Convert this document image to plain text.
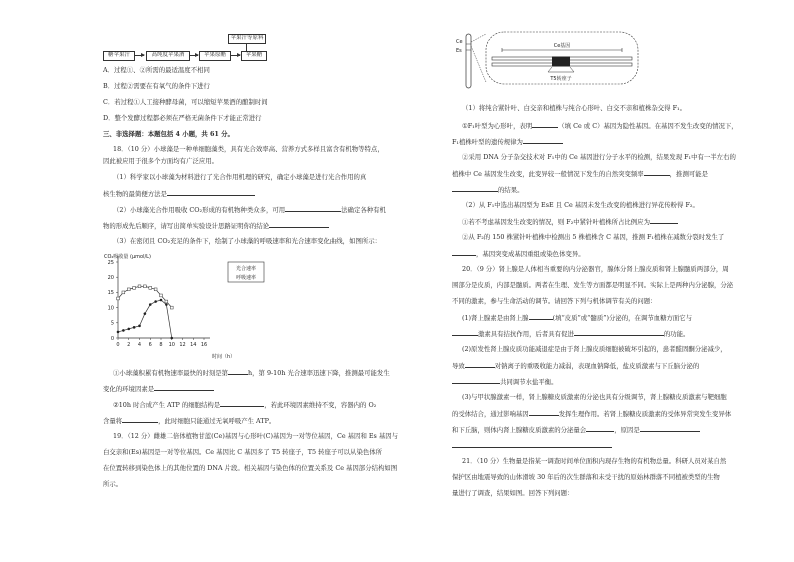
苹果汁等原料
糖苹果汁	高纯度苹果酒	苹果原醋	苹果醋
A．过程①、②所需的最适温度不相同
B．过程②需要在有氧气的条件下进行
C．若过程①人工接种酵母菌，可以缩短苹果酒的酿制时间
D．整个发酵过程都必须在严格无菌条件下才能正常进行
三、非选择题：本题包括 4 小题，共 61 分。
18．（10 分）小球藻是一种单细胞藻类，具有光合效率高、营养方式多样且富含有机物等特点，
因此被应用于很多个方面均有广泛应用。
（1）科学家以小球藻为材料进行了光合作用机理的研究，确定小球藻是进行光合作用的真
核生物的最简便方法是
（2）小球藻光合作用吸收 CO₂形成的有机物种类众多，可用	法确定各种有机
物的形成先后顺序，请写出简单实验设计思路证明你的结论
（3）在密闭且 CO₂充足的条件下，绘制了小球藻的呼吸速率和光合速率变化曲线，如图所示：
0 2 4 6 8 10 12 14 16
0
5
10
15
20
25
光合速率
呼吸速率
CO₂吸收量 (μmol/L)
时间（h）
①小球藻积累有机物速率最快的时刻是第	h，第 9-10h 光合速率迅速下降，推测最可能发生
变化的环境因素是
②10h 时合成产生 ATP 的细胞结构是	，若此环境因素维持不变，容器内的 O₂
含量将	，此时细胞只能通过无氧呼吸产生 ATP。
19．（12 分）雌雄二倍体植物甘蓝(Ce)基因与心形叶(C)基因为一对等位基因，Ce 基因和 Es 基因与
白交亲和(Es)基因是一对等位基因。Ce 基因比 C 基因多了 T5 转座子，T5 转座子可以从染色体所
在位置转移到染色体上的其他位置的 DNA 片段。相关基因与染色体的位置关系及 Ce 基因部分结构如图
所示。
Ce
Es
Ce基因
T5转座子
（1）将纯合紧针叶、白交亲和植株与纯合心形叶、白交不亲和植株杂交得 F₁。
①F₁叶型为心形叶，表明	（填 Ce 或 C）基因为隐性基因。在基因不发生改变的情况下，
F₁植株叶型的遗传规律为
②采用 DNA 分子杂交技术对 F₁中的 Ce 基因进行分子水平的检测，结果发现 F₁中有一半左右的
植株中 Ce 基因发生改变，此变异较一般情况下发生的自然突变频率	，推测可能是
的结果。
（2）从 F₁中选出基因型为 EsE 且 Ce 基因未发生改变的植株进行异花传粉得 F₂。
①若不考虑基因发生改变的情况，则 F₂中紧针叶植株所占比例应为
②从 F₂的 150 株紧针叶植株中检测出 5 株植株含 C 基因，推测 F₁植株在减数分裂时发生了
，基因突变成基因重组或染色体变异。
20．（9 分）肾上腺是人体相当重要的内分泌器官，腺体分肾上腺皮质和肾上腺髓质两部分，周
围部分是皮质，内部是髓质。两者在生理、发生等方面都是明显不同。实际上是两种内分泌腺，分泌
不同的激素，参与生命活动的调节。请回答下列与机体调节有关的问题：
(1)肾上腺素是由肾上腺	(填“皮质”或“髓质”)分泌的，在调节血糖方面它与
激素具有拮抗作用，后者具有促进	的功能。
(2)原发性肾上腺皮质功能减退症是由于肾上腺皮质细胞被破坏引起的，患者醛固酮分泌减少，
导致	对钠离子的重吸收能力减弱，表现血钠降低，盐皮质激素与下丘脑分泌的
共同调节水盐平衡。
(3)与甲状腺激素一样，肾上腺糖皮质激素的分泌也具有分级调节，肾上腺糖皮质激素与靶细胞
的受体结合，通过影响基因	发挥生理作用。若肾上腺糖皮质激素的受体异常突发生变异体
和下丘脑，则体内肾上腺糖皮质激素的分泌量会	，原因是
21．（10 分）生物量是指某一调查时间单位面积内现存生物的有机物总量。科研人员对某自然
保护区由地震导致的山体滑坡 30 年后的次生群落和未受干扰的原始林群落不同植被类型的生物
量进行了调查，结果如图。回答下列问题：
